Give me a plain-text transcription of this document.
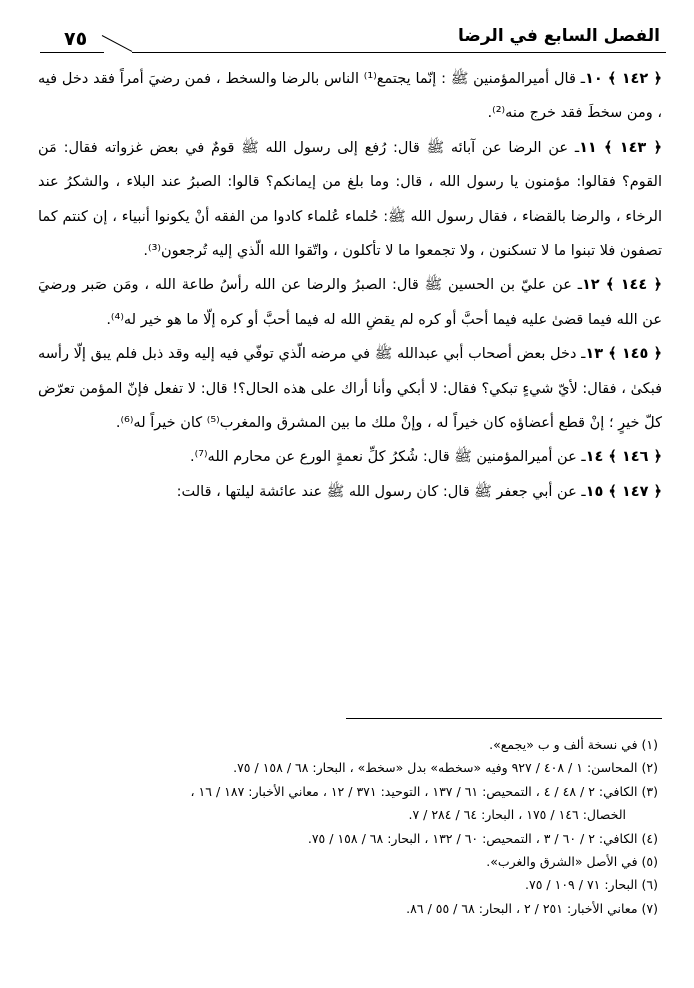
الفصل السابع في الرضا
٧٥

﴿ ١٤٢ ﴾ ١٠ـ قال أميرالمؤمنين ﷺ : إنّما يجتمع⁽¹⁾ الناس بالرضا والسخط ، فمن رضيَ أمراً فقد دخل فيه ، ومن سخطَ فقد خرج منه⁽²⁾.

﴿ ١٤٣ ﴾ ١١ـ عن الرضا عن آبائه ﷺ قال: رُفع إلى رسول الله ﷺ قومٌ في بعض غزواته فقال: مَن القوم؟ فقالوا: مؤمنون يا رسول الله ، قال: وما بلغ من إيمانكم؟ قالوا: الصبرُ عند البلاء ، والشكرُ عند الرخاء ، والرضا بالقضاء ، فقال رسول الله ﷺ: حُلماء عُلماء كادوا من الفقه أنْ يكونوا أنبياء ، إن كنتم كما تصفون فلا تبنوا ما لا تسكنون ، ولا تجمعوا ما لا تأكلون ، واتّقوا الله الّذي إليه تُرجعون⁽³⁾.

﴿ ١٤٤ ﴾ ١٢ـ عن عليّ بن الحسين ﷺ قال: الصبرُ والرضا عن الله رأسُ طاعة الله ، ومَن صَبر ورضيَ عن الله فيما قضىٰ عليه فيما أحبَّ أو كره لم يقضِ الله له فيما أحبَّ أو كره إلّا ما هو خير له⁽⁴⁾.

﴿ ١٤٥ ﴾ ١٣ـ دخل بعض أصحاب أبي عبدالله ﷺ في مرضه الّذي توفّي فيه إليه وقد ذبل فلم يبق إلّا رأسه فبكىٰ ، فقال: لأيّ شيءٍ تبكي؟ فقال: لا أبكي وأنا أراك على هذه الحال؟! قال: لا تفعل فإنّ المؤمن تعرّض كلّ خيرٍ ؛ إنْ قطع أعضاؤه كان خيراً له ، وإنْ ملك ما بين المشرق والمغرب⁽⁵⁾ كان خيراً له⁽⁶⁾.

﴿ ١٤٦ ﴾ ١٤ـ عن أميرالمؤمنين ﷺ قال: شُكرُ كلِّ نعمةٍ الورع عن محارم الله⁽⁷⁾.

﴿ ١٤٧ ﴾ ١٥ـ عن أبي جعفر ﷺ قال: كان رسول الله ﷺ عند عائشة ليلتها ، قالت:

(١) في نسخة ألف و ب «يجمع».
(٢) المحاسن: ١ / ٤٠٨ / ٩٢٧ وفيه «سخطه» بدل «سخط» ، البحار: ٦٨ / ١٥٨ / ٧٥.
(٣) الكافي: ٢ / ٤٨ / ٤ ، التمحيص: ٦١ / ١٣٧ ، التوحيد: ٣٧١ / ١٢ ، معاني الأخبار: ١٨٧ / ١٦ ،
الخصال: ١٤٦ / ١٧٥ ، البحار: ٦٤ / ٢٨٤ / ٧.
(٤) الكافي: ٢ / ٦٠ / ٣ ، التمحيص: ٦٠ / ١٣٢ ، البحار: ٦٨ / ١٥٨ / ٧٥.
(٥) في الأصل «الشرق والغرب».
(٦) البحار: ٧١ / ١٠٩ / ٧٥.
(٧) معاني الأخبار: ٢٥١ / ٢ ، البحار: ٦٨ / ٥٥ / ٨٦.
